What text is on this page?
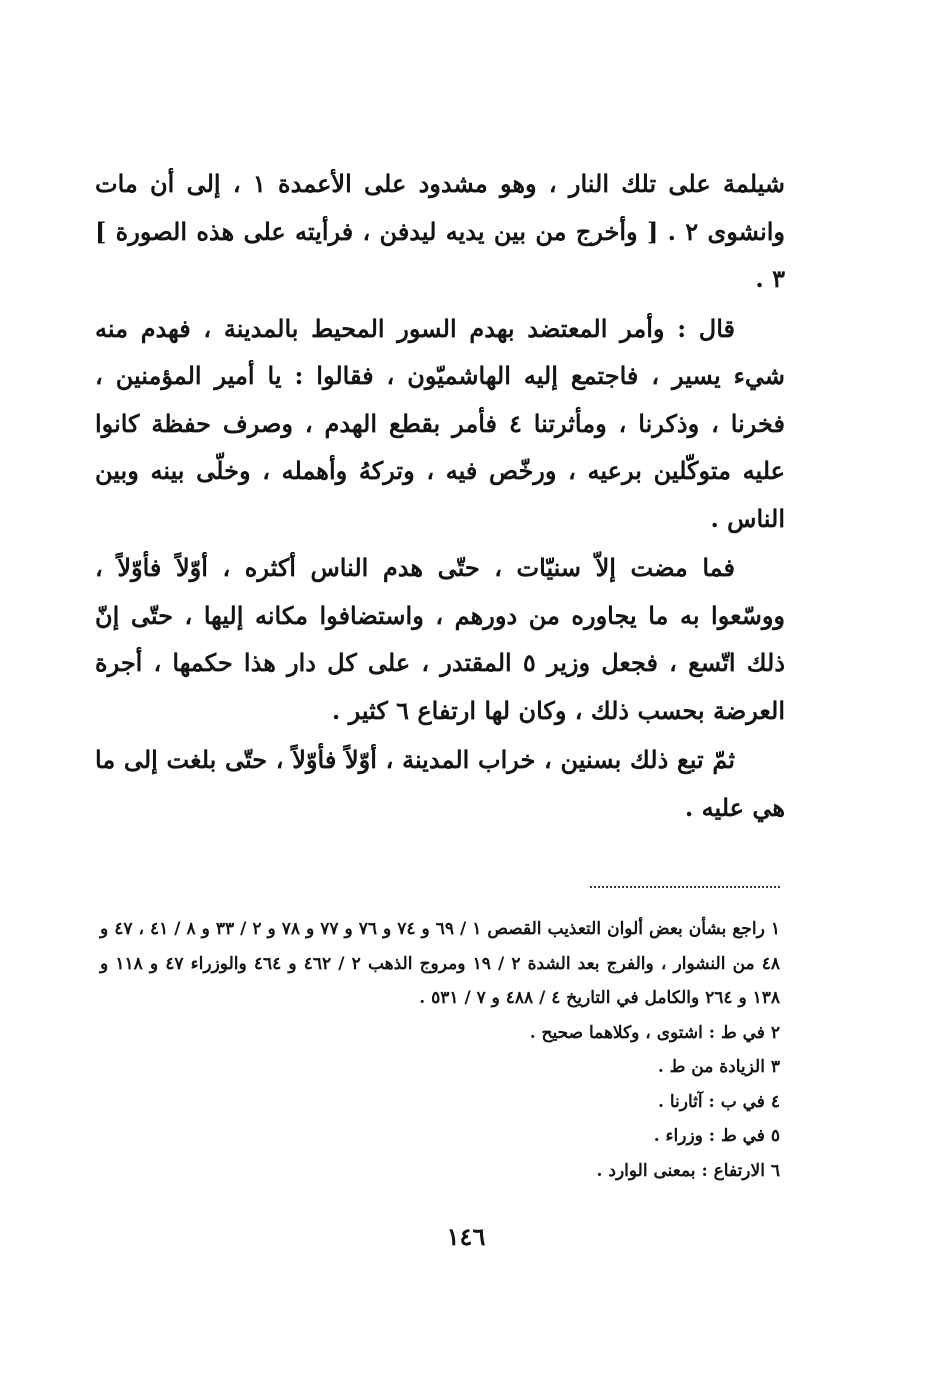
شيلمة على تلك النار ، وهو مشدود على الأعمدة ١ ، إلى أن مات وانشوى ٢ . [ وأخرج من بين يديه ليدفن ، فرأيته على هذه الصورة ] ٣ .

قال : وأمر المعتضد بهدم السور المحيط بالمدينة ، فهدم منه شيء يسير ، فاجتمع إليه الهاشميّون ، فقالوا : يا أمير المؤمنين ، فخرنا ، وذكرنا ، ومأثرتنا ٤ فأمر بقطع الهدم ، وصرف حفظة كانوا عليه متوكّلين برعيه ، ورخّص فيه ، وتركهُ وأهمله ، وخلّى بينه وبين الناس .

فما مضت إلاّ سنيّات ، حتّى هدم الناس أكثره ، أوّلاً فأوّلاً ، ووسّعوا به ما يجاوره من دورهم ، واستضافوا مكانه إليها ، حتّى إنّ ذلك اتّسع ، فجعل وزير ٥ المقتدر ، على كل دار هذا حكمها ، أجرة العرضة بحسب ذلك ، وكان لها ارتفاع ٦ كثير .

ثمّ تبع ذلك بسنين ، خراب المدينة ، أوّلاً فأوّلاً ، حتّى بلغت إلى ما هي عليه .

١ راجع بشأن بعض ألوان التعذيب القصص ١ / ٦٩ و ٧٤ و ٧٦ و ٧٧ و ٧٨ و ٢ / ٣٣ و ٨ / ٤١ ، ٤٧ و ٤٨ من النشوار ، والفرج بعد الشدة ٢ / ١٩ ومروج الذهب ٢ / ٤٦٢ و ٤٦٤ والوزراء ٤٧ و ١١٨ و ١٣٨ و ٢٦٤ والكامل في التاريخ ٤ / ٤٨٨ و ٧ / ٥٣١ .

٢ في ط : اشتوى ، وكلاهما صحيح .

٣ الزيادة من ط .

٤ في ب : آثارنا .

٥ في ط : وزراء .

٦ الارتفاع : بمعنى الوارد .

١٤٦
